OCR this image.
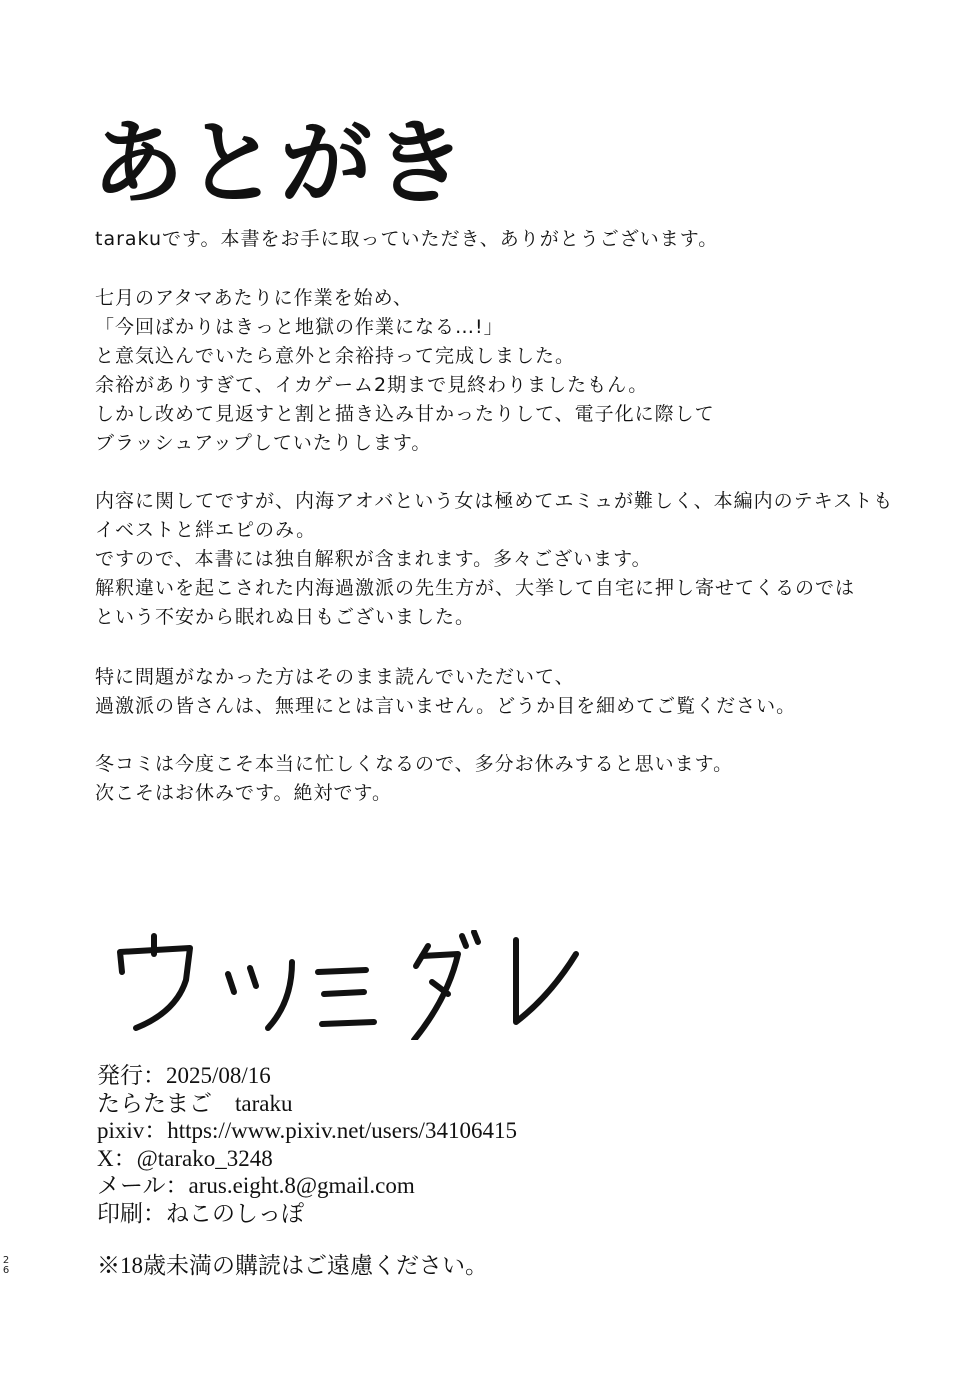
あとがき
tarakuです。本書をお手に取っていただき、ありがとうございます。
七月のアタマあたりに作業を始め、
「今回ばかりはきっと地獄の作業になる…!」
と意気込んでいたら意外と余裕持って完成しました。
余裕がありすぎて、イカゲーム2期まで見終わりましたもん。
しかし改めて見返すと割と描き込み甘かったりして、電子化に際して
ブラッシュアップしていたりします。
内容に関してですが、内海アオバという女は極めてエミュが難しく、本編内のテキストも
イベストと絆エピのみ。
ですので、本書には独自解釈が含まれます。多々ございます。
解釈違いを起こされた内海過激派の先生方が、大挙して自宅に押し寄せてくるのでは
という不安から眠れぬ日もございました。
特に問題がなかった方はそのまま読んでいただいて、
過激派の皆さんは、無理にとは言いません。どうか目を細めてご覧ください。
冬コミは今度こそ本当に忙しくなるので、多分お休みすると思います。
次こそはお休みです。絶対です。
発行：2025/08/16
たらたまご　taraku
pixiv：https://www.pixiv.net/users/34106415
X：@tarako_3248
メール：arus.eight.8@gmail.com
印刷：ねこのしっぽ
※18歳未満の購読はご遠慮ください。
2
6
